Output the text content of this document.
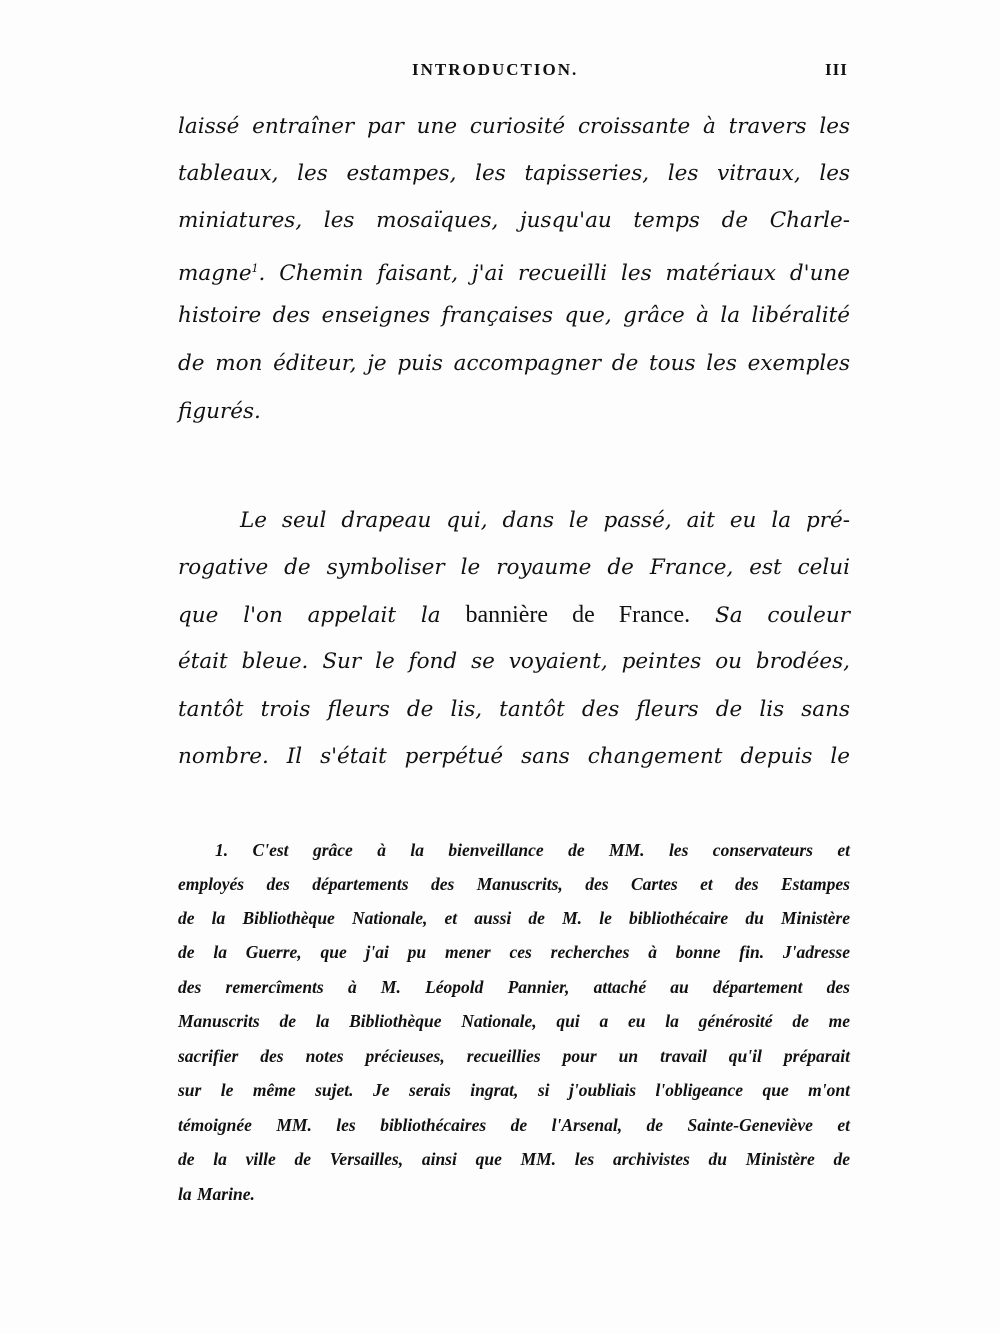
INTRODUCTION.	III
laissé entraîner par une curiosité croissante à travers les
tableaux, les estampes, les tapisseries, les vitraux, les
miniatures, les mosaïques, jusqu'au temps de Charle-
magne$^1$. Chemin faisant, j'ai recueilli les matériaux d'une
histoire des enseignes françaises que, grâce à la libéralité
de mon éditeur, je puis accompagner de tous les exemples
figurés.
Le seul drapeau qui, dans le passé, ait eu la pré-
rogative de symboliser le royaume de France, est celui
que l'on appelait la bannière de France. Sa couleur
était bleue. Sur le fond se voyaient, peintes ou brodées,
tantôt trois fleurs de lis, tantôt des fleurs de lis sans
nombre. Il s'était perpétué sans changement depuis le
1. C'est grâce à la bienveillance de MM. les conservateurs et
employés des départements des Manuscrits, des Cartes et des Estampes
de la Bibliothèque Nationale, et aussi de M. le bibliothécaire du Ministère
de la Guerre, que j'ai pu mener ces recherches à bonne fin. J'adresse
des remercîments à M. Léopold Pannier, attaché au département des
Manuscrits de la Bibliothèque Nationale, qui a eu la générosité de me
sacrifier des notes précieuses, recueillies pour un travail qu'il préparait
sur le même sujet. Je serais ingrat, si j'oubliais l'obligeance que m'ont
témoignée MM. les bibliothécaires de l'Arsenal, de Sainte-Geneviève et
de la ville de Versailles, ainsi que MM. les archivistes du Ministère de
la Marine.
